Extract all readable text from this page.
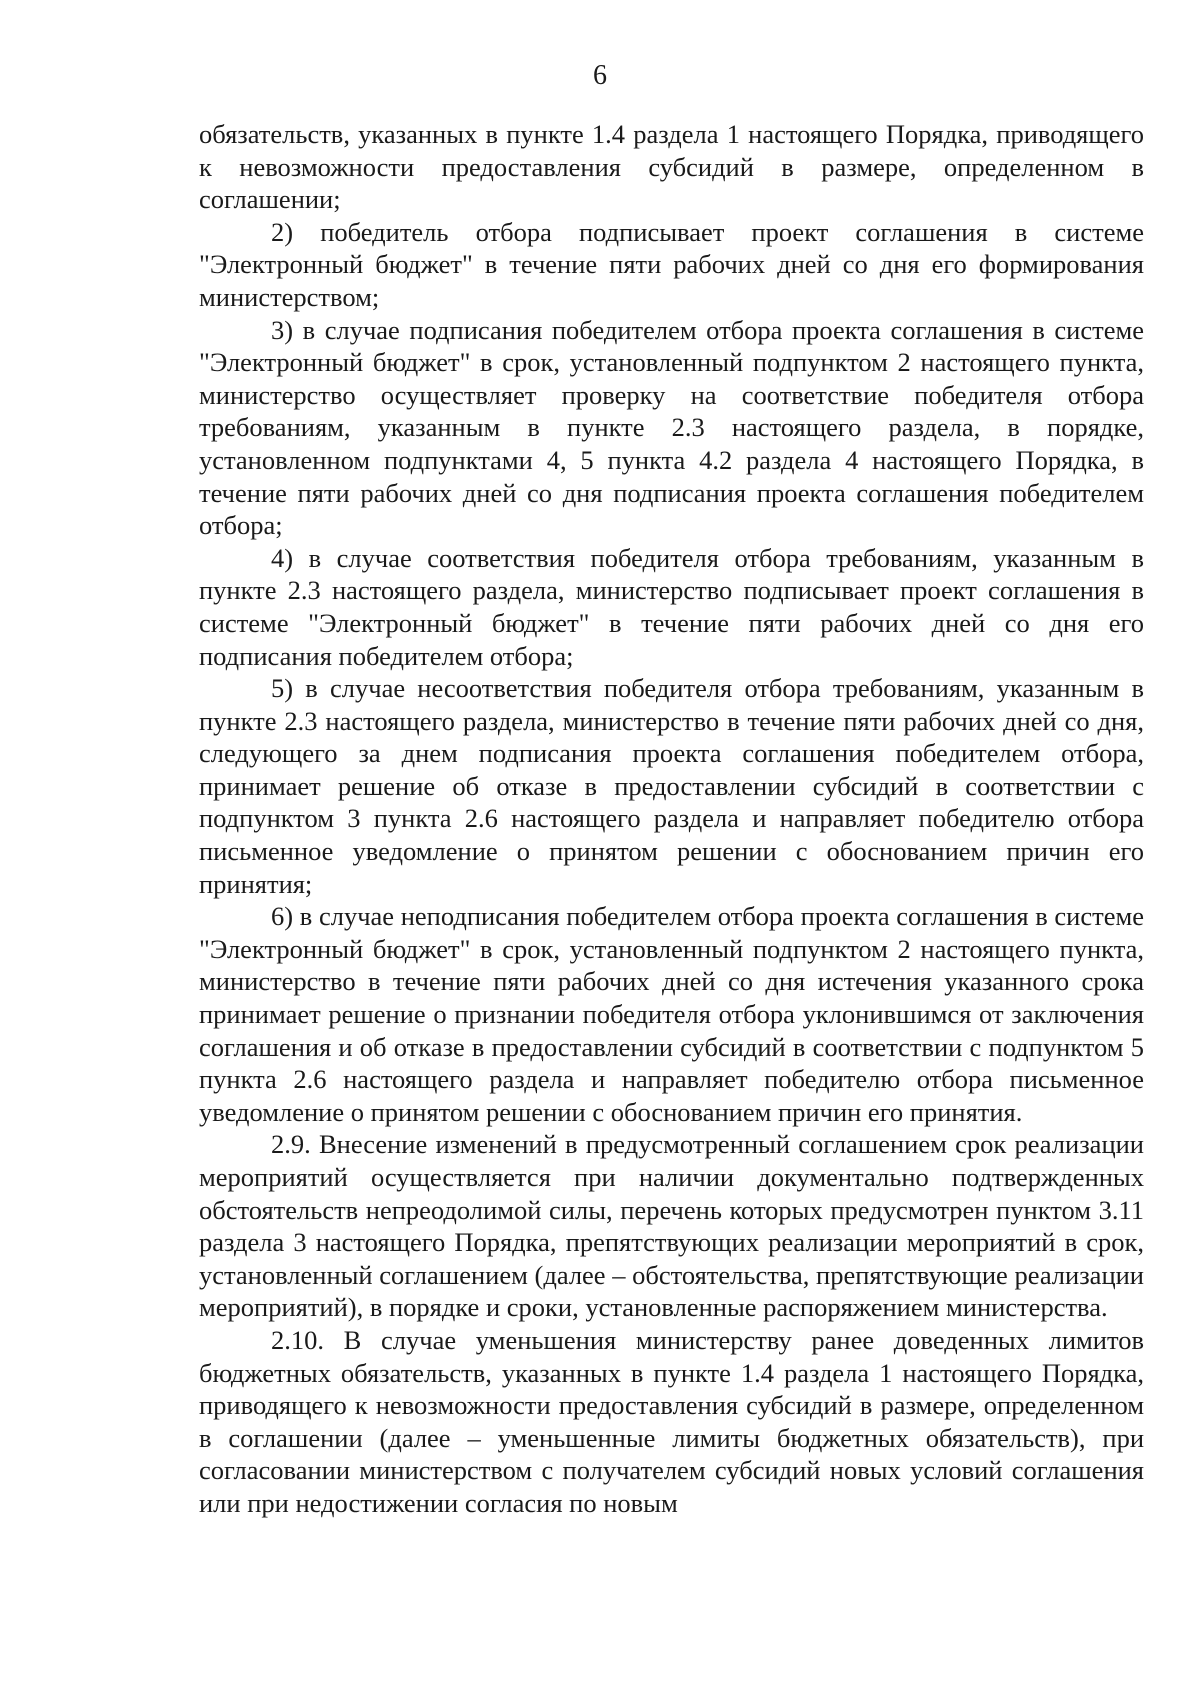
6

обязательств, указанных в пункте 1.4 раздела 1 настоящего Порядка, приводящего к невозможности предоставления субсидий в размере, определенном в соглашении;

2) победитель отбора подписывает проект соглашения в системе "Электронный бюджет" в течение пяти рабочих дней со дня его формирования министерством;

3) в случае подписания победителем отбора проекта соглашения в системе "Электронный бюджет" в срок, установленный подпунктом 2 настоящего пункта, министерство осуществляет проверку на соответствие победителя отбора требованиям, указанным в пункте 2.3 настоящего раздела, в порядке, установленном подпунктами 4, 5 пункта 4.2 раздела 4 настоящего Порядка, в течение пяти рабочих дней со дня подписания проекта соглашения победителем отбора;

4) в случае соответствия победителя отбора требованиям, указанным в пункте 2.3 настоящего раздела, министерство подписывает проект соглашения в системе "Электронный бюджет" в течение пяти рабочих дней со дня его подписания победителем отбора;

5) в случае несоответствия победителя отбора требованиям, указанным в пункте 2.3 настоящего раздела, министерство в течение пяти рабочих дней со дня, следующего за днем подписания проекта соглашения победителем отбора, принимает решение об отказе в предоставлении субсидий в соответствии с подпунктом 3 пункта 2.6 настоящего раздела и направляет победителю отбора письменное уведомление о принятом решении с обоснованием причин его принятия;

6) в случае неподписания победителем отбора проекта соглашения в системе "Электронный бюджет" в срок, установленный подпунктом 2 настоящего пункта, министерство в течение пяти рабочих дней со дня истечения указанного срока принимает решение о признании победителя отбора уклонившимся от заключения соглашения и об отказе в предоставлении субсидий в соответствии с подпунктом 5 пункта 2.6 настоящего раздела и направляет победителю отбора письменное уведомление о принятом решении с обоснованием причин его принятия.

2.9. Внесение изменений в предусмотренный соглашением срок реализации мероприятий осуществляется при наличии документально подтвержденных обстоятельств непреодолимой силы, перечень которых предусмотрен пунктом 3.11 раздела 3 настоящего Порядка, препятствующих реализации мероприятий в срок, установленный соглашением (далее – обстоятельства, препятствующие реализации мероприятий), в порядке и сроки, установленные распоряжением министерства.

2.10. В случае уменьшения министерству ранее доведенных лимитов бюджетных обязательств, указанных в пункте 1.4 раздела 1 настоящего Порядка, приводящего к невозможности предоставления субсидий в размере, определенном в соглашении (далее – уменьшенные лимиты бюджетных обязательств), при согласовании министерством с получателем субсидий новых условий соглашения или при недостижении согласия по новым
